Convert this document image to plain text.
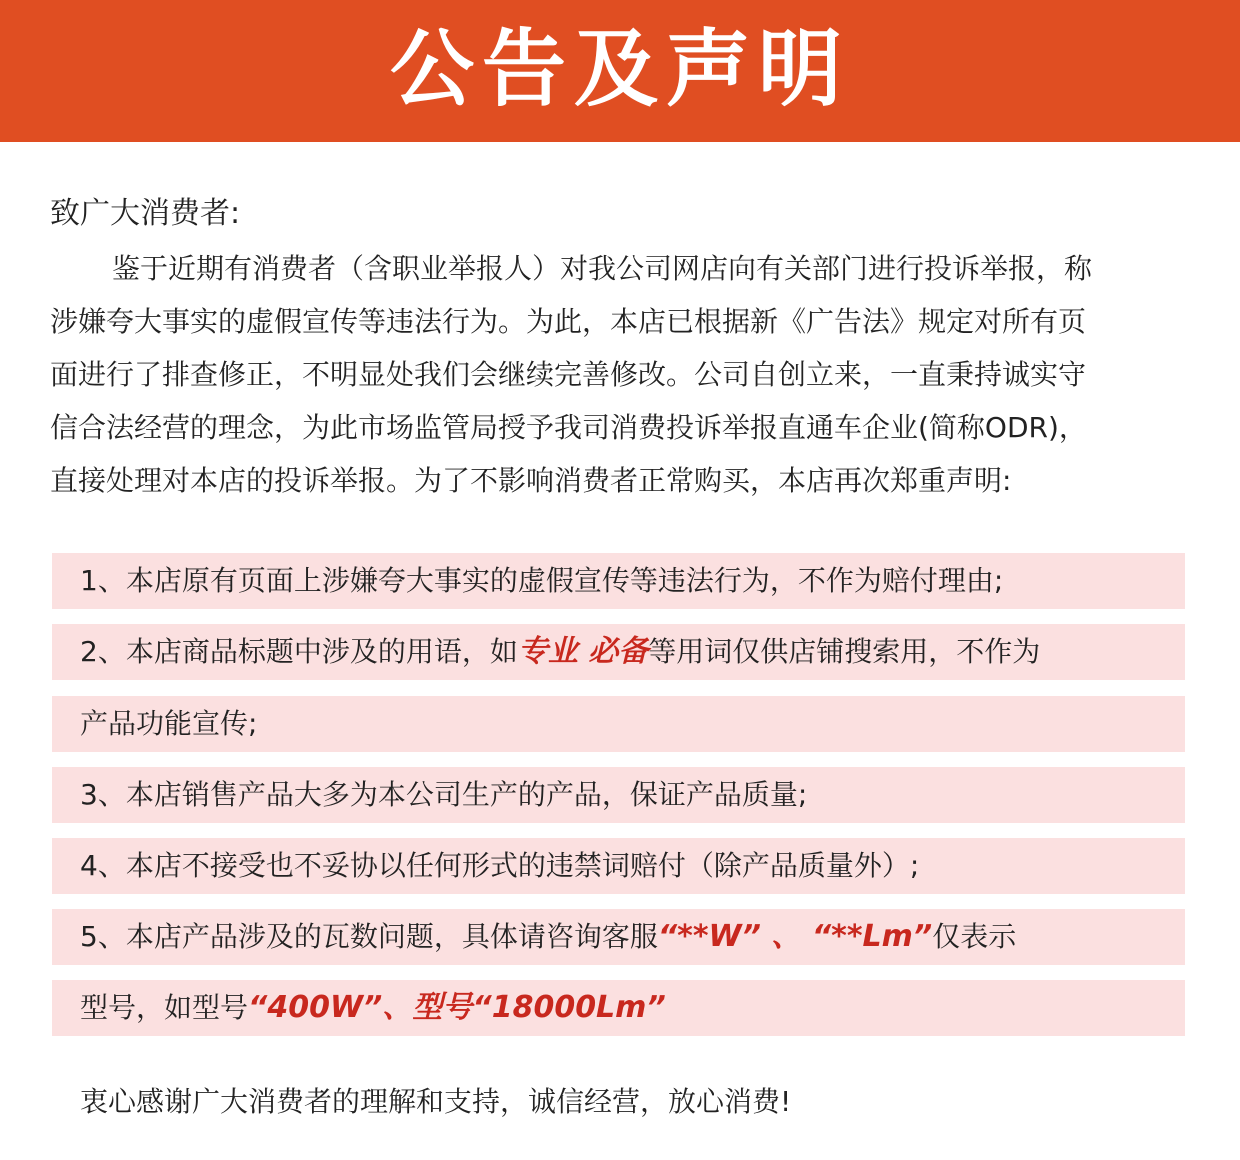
公告及声明

致广大消费者:

鉴于近期有消费者（含职业举报人）对我公司网店向有关部门进行投诉举报，称
涉嫌夸大事实的虚假宣传等违法行为。为此，本店已根据新《广告法》规定对所有页
面进行了排查修正，不明显处我们会继续完善修改。公司自创立来，一直秉持诚实守
信合法经营的理念，为此市场监管局授予我司消费投诉举报直通车企业(简称ODR)，
直接处理对本店的投诉举报。为了不影响消费者正常购买，本店再次郑重声明:
1、本店原有页面上涉嫌夸大事实的虚假宣传等违法行为，不作为赔付理由;
2、本店商品标题中涉及的用语，如专业 必备等用词仅供店铺搜索用，不作为
产品功能宣传;
3、本店销售产品大多为本公司生产的产品，保证产品质量;
4、本店不接受也不妥协以任何形式的违禁词赔付（除产品质量外）;
5、本店产品涉及的瓦数问题，具体请咨询客服“**W” 、 “**Lm”仅表示
型号，如型号“400W”、型号“18000Lm”

衷心感谢广大消费者的理解和支持，诚信经营，放心消费!
